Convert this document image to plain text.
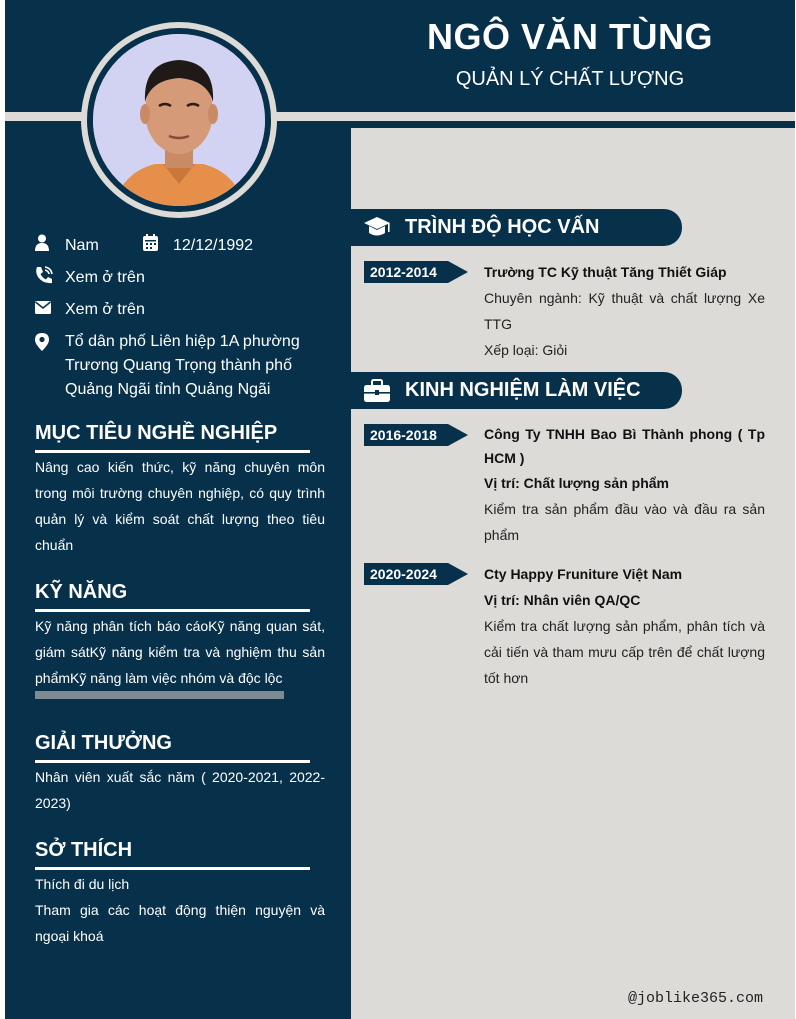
NGÔ VĂN TÙNG
QUẢN LÝ CHẤT LƯỢNG
Nam	12/12/1992
Xem ở trên
Xem ở trên
Tổ dân phố Liên hiệp 1A phường Trương Quang Trọng thành phố Quảng Ngãi tỉnh Quảng Ngãi
MỤC TIÊU NGHỀ NGHIỆP
Nâng cao kiến thức, kỹ năng chuyên môn trong môi trường chuyên nghiệp, có quy trình quản lý và kiểm soát chất lượng theo tiêu chuẩn
KỸ NĂNG
Kỹ năng phân tích báo cáoKỹ năng quan sát, giám sátKỹ năng kiểm tra và nghiệm thu sản phẩmKỹ năng làm việc nhóm và độc lộc
GIẢI THƯỞNG
Nhân viên xuất sắc năm ( 2020-2021, 2022-2023)
SỞ THÍCH
Thích đi du lịch
Tham gia các hoạt động thiện nguyện và ngoại khoá
TRÌNH ĐỘ HỌC VẤN
2012-2014	Trường TC Kỹ thuật Tăng Thiết Giáp
Chuyên ngành: Kỹ thuật và chất lượng Xe TTG
Xếp loại: Giỏi
KINH NGHIỆM LÀM VIỆC
2016-2018	Công Ty TNHH Bao Bì Thành phong ( Tp HCM )
Vị trí: Chất lượng sản phẩm
Kiểm tra sản phẩm đầu vào và đầu ra sản phẩm
2020-2024	Cty Happy Fruniture Việt Nam
Vị trí: Nhân viên QA/QC
Kiểm tra chất lượng sản phẩm, phân tích và cải tiến và tham mưu cấp trên để chất lượng tốt hơn
@joblike365.com
